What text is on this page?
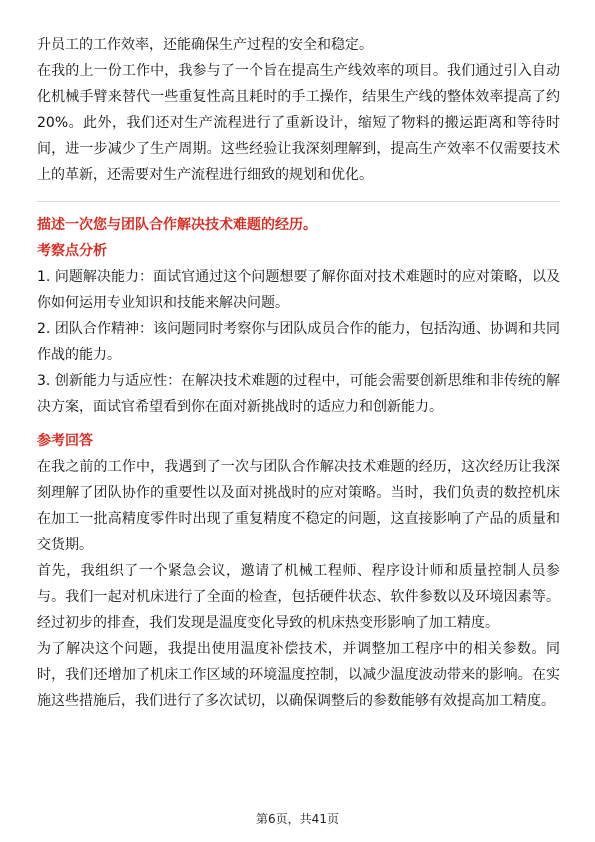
升员工的工作效率，还能确保生产过程的安全和稳定。

在我的上一份工作中，我参与了一个旨在提高生产线效率的项目。我们通过引入自动化机械手臂来替代一些重复性高且耗时的手工操作，结果生产线的整体效率提高了约20%。此外，我们还对生产流程进行了重新设计，缩短了物料的搬运距离和等待时间，进一步减少了生产周期。这些经验让我深刻理解到，提高生产效率不仅需要技术上的革新，还需要对生产流程进行细致的规划和优化。

描述一次您与团队合作解决技术难题的经历。

考察点分析

1. 问题解决能力：面试官通过这个问题想要了解你面对技术难题时的应对策略，以及你如何运用专业知识和技能来解决问题。

2. 团队合作精神：该问题同时考察你与团队成员合作的能力，包括沟通、协调和共同作战的能力。

3. 创新能力与适应性：在解决技术难题的过程中，可能会需要创新思维和非传统的解决方案，面试官希望看到你在面对新挑战时的适应力和创新能力。

参考回答

在我之前的工作中，我遇到了一次与团队合作解决技术难题的经历，这次经历让我深刻理解了团队协作的重要性以及面对挑战时的应对策略。当时，我们负责的数控机床在加工一批高精度零件时出现了重复精度不稳定的问题，这直接影响了产品的质量和交货期。

首先，我组织了一个紧急会议，邀请了机械工程师、程序设计师和质量控制人员参与。我们一起对机床进行了全面的检查，包括硬件状态、软件参数以及环境因素等。经过初步的排查，我们发现是温度变化导致的机床热变形影响了加工精度。

为了解决这个问题，我提出使用温度补偿技术，并调整加工程序中的相关参数。同时，我们还增加了机床工作区域的环境温度控制，以减少温度波动带来的影响。在实施这些措施后，我们进行了多次试切，以确保调整后的参数能够有效提高加工精度。

第6页，共41页
